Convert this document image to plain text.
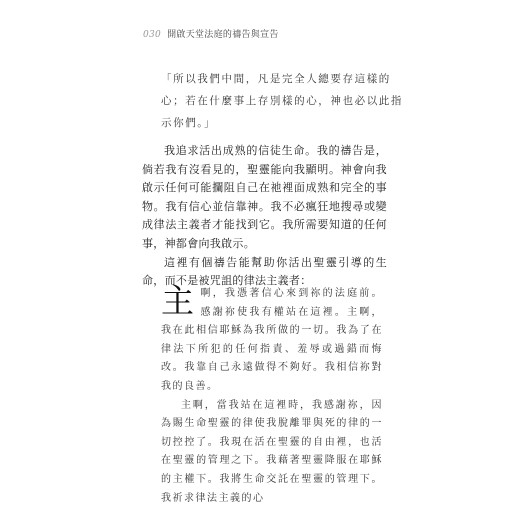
030 開啟天堂法庭的禱告與宣告

「所以我們中間，凡是完全人總要存這樣的心；若在什麼事上存別樣的心，神也必以此指示你們。」

我追求活出成熟的信徒生命。我的禱告是，倘若我有沒看見的，聖靈能向我顯明。神會向我啟示任何可能攔阻自己在祂裡面成熟和完全的事物。我有信心並信靠神。我不必瘋狂地搜尋或變成律法主義者才能找到它。我所需要知道的任何事，神都會向我啟示。

這裡有個禱告能幫助你活出聖靈引導的生命，而不是被咒詛的律法主義者：

主啊，我憑著信心來到祢的法庭前。感謝祢使我有權站在這裡。主啊，我在此相信耶穌為我所做的一切。我為了在律法下所犯的任何指責、羞辱或過錯而悔改。我靠自己永遠做得不夠好。我相信祢對我的良善。

主啊，當我站在這裡時，我感謝祢，因為賜生命聖靈的律使我脫離罪與死的律的一切控控了。我現在活在聖靈的自由裡，也活在聖靈的管理之下。我藉著聖靈降服在耶穌的主權下。我將生命交託在聖靈的管理下。我祈求律法主義的心
